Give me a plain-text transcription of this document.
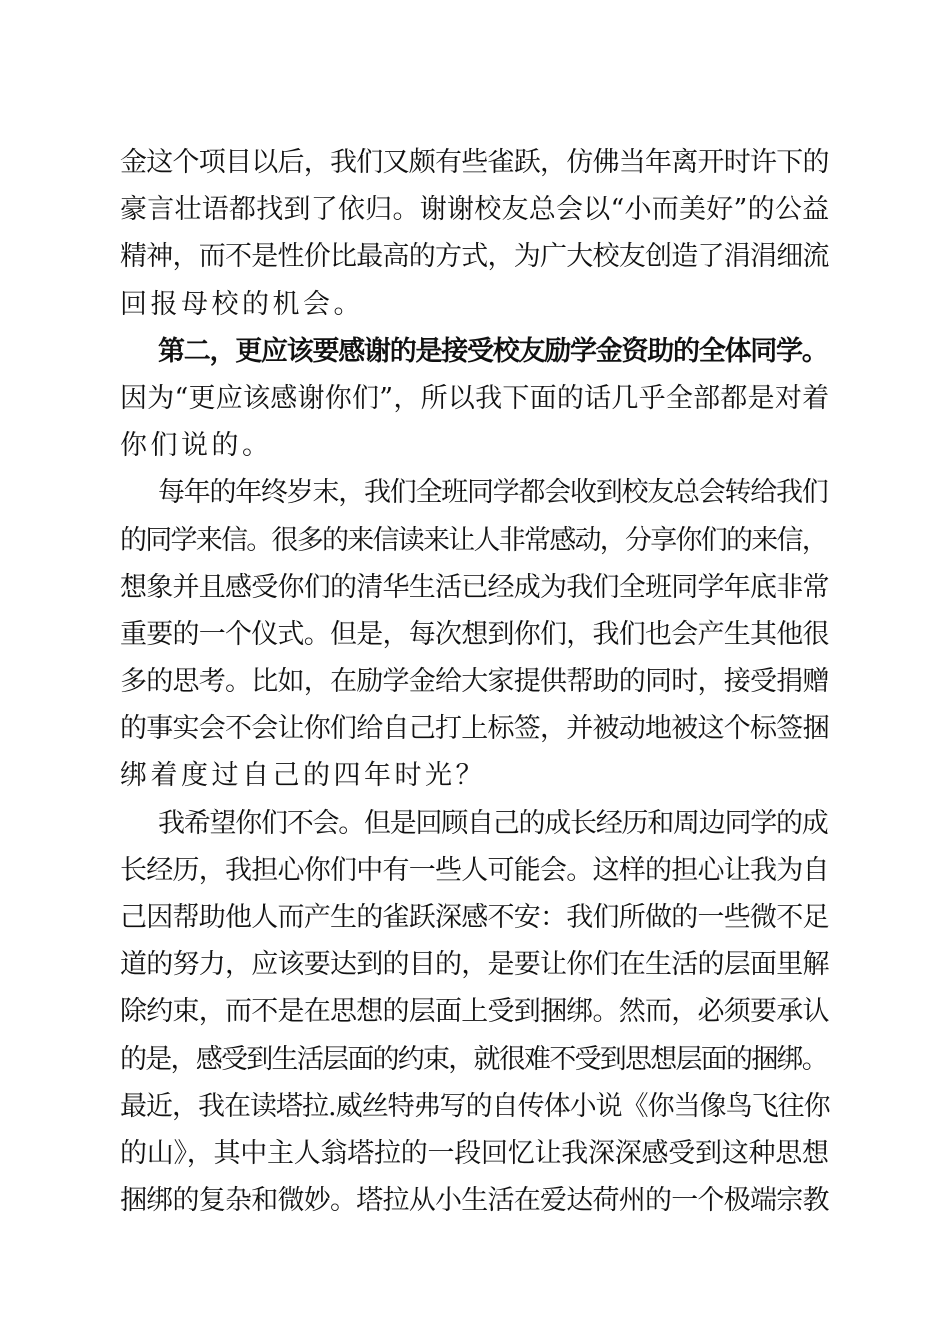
金这个项目以后，我们又颇有些雀跃，仿佛当年离开时许下的
豪言壮语都找到了依归。谢谢校友总会以“小而美好”的公益
精神，而不是性价比最高的方式，为广大校友创造了涓涓细流
回报母校的机会。
第二，更应该要感谢的是接受校友励学金资助的全体同学。
因为“更应该感谢你们”，所以我下面的话几乎全部都是对着
你们说的。
每年的年终岁末，我们全班同学都会收到校友总会转给我们
的同学来信。很多的来信读来让人非常感动，分享你们的来信，
想象并且感受你们的清华生活已经成为我们全班同学年底非常
重要的一个仪式。但是，每次想到你们，我们也会产生其他很
多的思考。比如，在励学金给大家提供帮助的同时，接受捐赠
的事实会不会让你们给自己打上标签，并被动地被这个标签捆
绑着度过自己的四年时光？
我希望你们不会。但是回顾自己的成长经历和周边同学的成
长经历，我担心你们中有一些人可能会。这样的担心让我为自
己因帮助他人而产生的雀跃深感不安：我们所做的一些微不足
道的努力，应该要达到的目的，是要让你们在生活的层面里解
除约束，而不是在思想的层面上受到捆绑。然而，必须要承认
的是，感受到生活层面的约束，就很难不受到思想层面的捆绑。
最近，我在读塔拉.威丝特弗写的自传体小说《你当像鸟飞往你
的山》，其中主人翁塔拉的一段回忆让我深深感受到这种思想
捆绑的复杂和微妙。塔拉从小生活在爱达荷州的一个极端宗教
